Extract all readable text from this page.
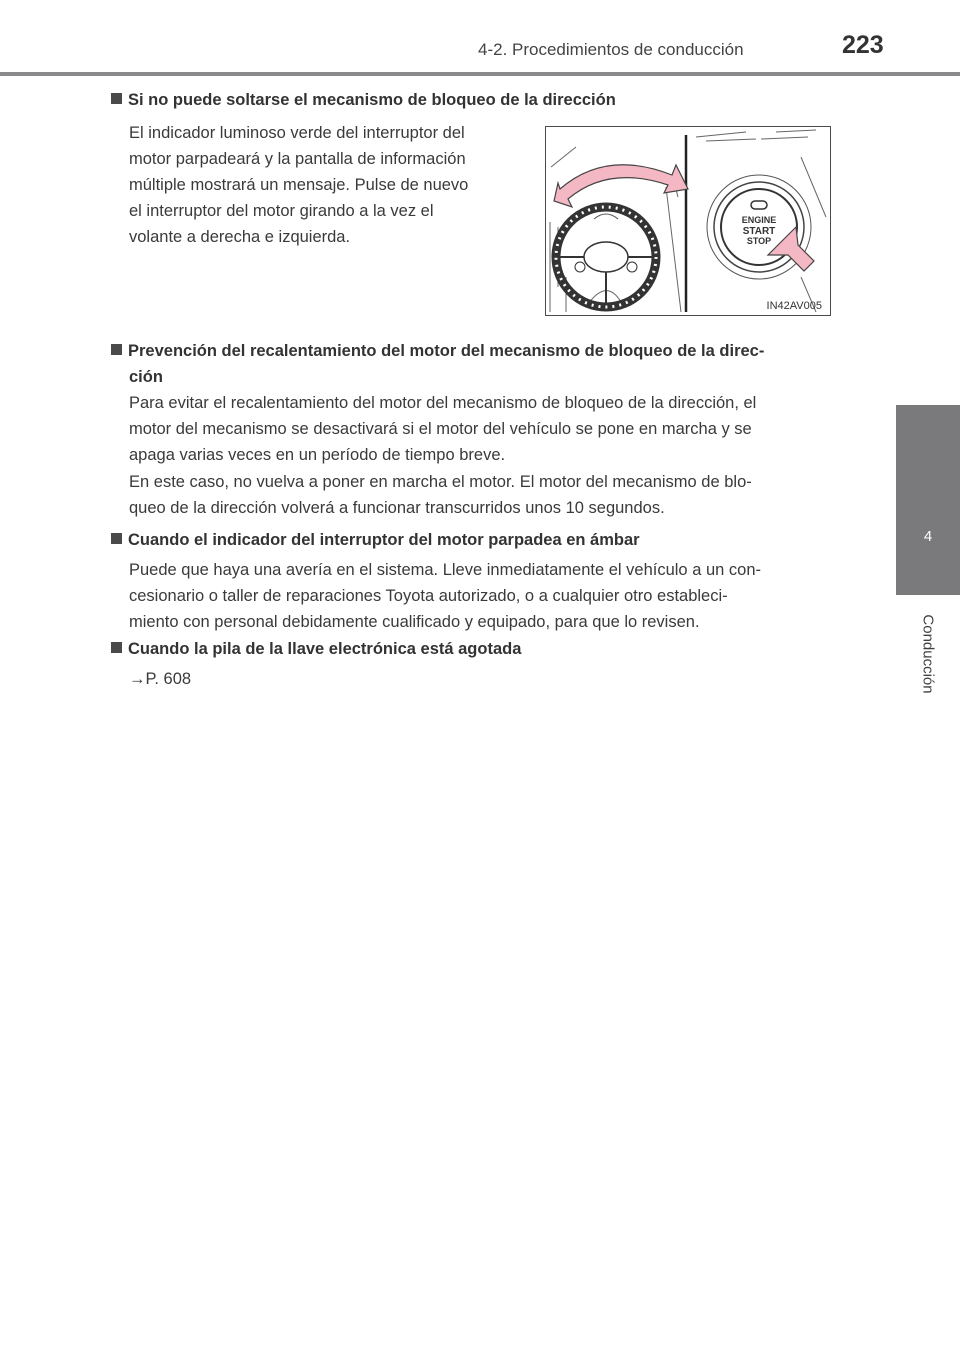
4-2. Procedimientos de conducción	223
4
Conducción
Si no puede soltarse el mecanismo de bloqueo de la dirección
El indicador luminoso verde del interruptor del
motor parpadeará y la pantalla de información
múltiple mostrará un mensaje. Pulse de nuevo
el interruptor del motor girando a la vez el
volante a derecha e izquierda.
ENGINE
START
STOP
IN42AV005
Prevención del recalentamiento del motor del mecanismo de bloqueo de la direc-
ción
Para evitar el recalentamiento del motor del mecanismo de bloqueo de la dirección, el
motor del mecanismo se desactivará si el motor del vehículo se pone en marcha y se
apaga varias veces en un período de tiempo breve.
En este caso, no vuelva a poner en marcha el motor. El motor del mecanismo de blo-
queo de la dirección volverá a funcionar transcurridos unos 10 segundos.
Cuando el indicador del interruptor del motor parpadea en ámbar
Puede que haya una avería en el sistema. Lleve inmediatamente el vehículo a un con-
cesionario o taller de reparaciones Toyota autorizado, o a cualquier otro estableci-
miento con personal debidamente cualificado y equipado, para que lo revisen.
Cuando la pila de la llave electrónica está agotada
→P. 608
